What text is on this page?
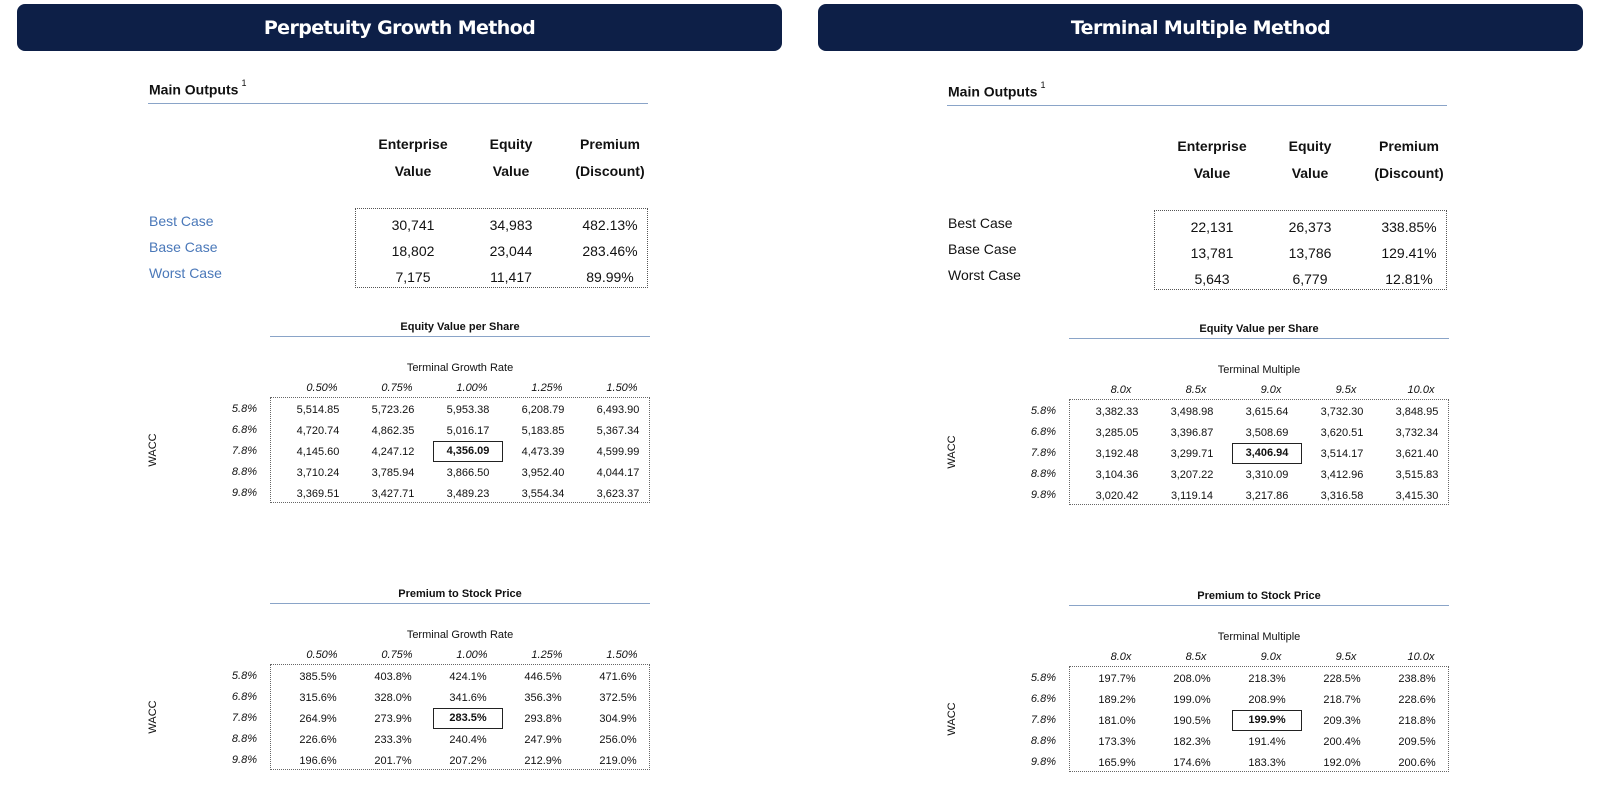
Perpetuity Growth Method	Terminal Multiple Method
Main Outputs $^1$
Enterprise
Value
Equity
Value
Premium
(Discount)
Best Case	30,741	34,983	482.13%
Base Case	18,802	23,044	283.46%
Worst Case	7,175	11,417	89.99%
Equity Value per Share
Terminal Growth Rate
0.50%	0.75%	1.00%	1.25%	1.50%
WACC
5.8%	5,514.85	5,723.26	5,953.38	6,208.79	6,493.90
6.8%	4,720.74	4,862.35	5,016.17	5,183.85	5,367.34
7.8%	4,145.60	4,247.12	4,356.09	4,473.39	4,599.99
8.8%	3,710.24	3,785.94	3,866.50	3,952.40	4,044.17
9.8%	3,369.51	3,427.71	3,489.23	3,554.34	3,623.37
Premium to Stock Price
Terminal Growth Rate
0.50%	0.75%	1.00%	1.25%	1.50%
WACC
5.8%	385.5%	403.8%	424.1%	446.5%	471.6%
6.8%	315.6%	328.0%	341.6%	356.3%	372.5%
7.8%	264.9%	273.9%	283.5%	293.8%	304.9%
8.8%	226.6%	233.3%	240.4%	247.9%	256.0%
9.8%	196.6%	201.7%	207.2%	212.9%	219.0%
Main Outputs $^1$
Enterprise
Value
Equity
Value
Premium
(Discount)
Best Case	22,131	26,373	338.85%
Base Case	13,781	13,786	129.41%
Worst Case	5,643	6,779	12.81%
Equity Value per Share
Terminal Multiple
8.0x	8.5x	9.0x	9.5x	10.0x
WACC
5.8%	3,382.33	3,498.98	3,615.64	3,732.30	3,848.95
6.8%	3,285.05	3,396.87	3,508.69	3,620.51	3,732.34
7.8%	3,192.48	3,299.71	3,406.94	3,514.17	3,621.40
8.8%	3,104.36	3,207.22	3,310.09	3,412.96	3,515.83
9.8%	3,020.42	3,119.14	3,217.86	3,316.58	3,415.30
Premium to Stock Price
Terminal Multiple
8.0x	8.5x	9.0x	9.5x	10.0x
WACC
5.8%	197.7%	208.0%	218.3%	228.5%	238.8%
6.8%	189.2%	199.0%	208.9%	218.7%	228.6%
7.8%	181.0%	190.5%	199.9%	209.3%	218.8%
8.8%	173.3%	182.3%	191.4%	200.4%	209.5%
9.8%	165.9%	174.6%	183.3%	192.0%	200.6%
